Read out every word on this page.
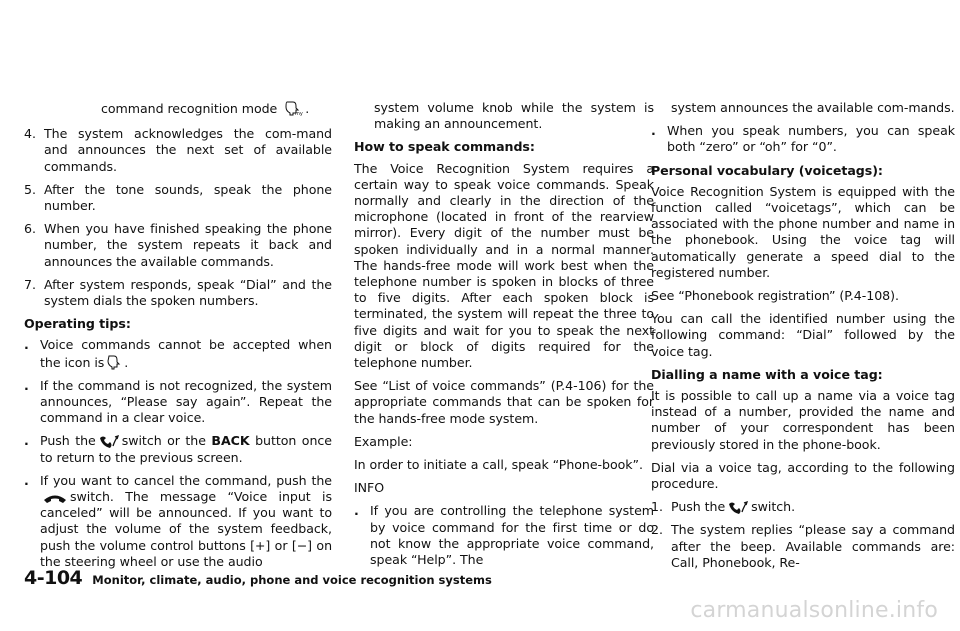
command recognition mode	my .

4. The system acknowledges the com-mand and announces the next set of available commands.
5. After the tone sounds, speak the phone number.
6. When you have finished speaking the phone number, the system repeats it back and announces the available commands.
7. After system responds, speak “Dial” and the system dials the spoken numbers.

Operating tips:

. Voice commands cannot be accepted when the icon is .
. If the command is not recognized, the system announces, “Please say again”. Repeat the command in a clear voice.
. Push the switch or the BACK button once to return to the previous screen.
. If you want to cancel the command, push theswitch. The message “Voice input is canceled” will be announced. If you want to adjust the volume of the system feedback, push the volume control buttons [+] or [−] on the steering wheel or use the audio

system volume knob while the system is making an announcement.

How to speak commands:

The Voice Recognition System requires a certain way to speak voice commands. Speak normally and clearly in the direction of the microphone (located in front of the rearview mirror). Every digit of the number must be spoken individually and in a normal manner. The hands-free mode will work best when the telephone number is spoken in blocks of three to five digits. After each spoken block is terminated, the system will repeat the three to five digits and wait for you to speak the next digit or block of digits required for the telephone number.

See “List of voice commands” (P.4-106) for the appropriate commands that can be spoken for the hands-free mode system.

Example:

In order to initiate a call, speak “Phone-book”.

INFO

. If you are controlling the telephone system by voice command for the first time or do not know the appropriate voice command, speak “Help”. The

system announces the available com-mands.

. When you speak numbers, you can speak both “zero” or “oh” for “0”.

Personal vocabulary (voicetags):

Voice Recognition System is equipped with the function called “voicetags”, which can be associated with the phone number and name in the phonebook. Using the voice tag will automatically generate a speed dial to the registered number.

See “Phonebook registration” (P.4-108).

You can call the identified number using the following command: “Dial” followed by the voice tag.

Dialling a name with a voice tag:

It is possible to call up a name via a voice tag instead of a number, provided the name and number of your correspondent has been previously stored in the phone-book.

Dial via a voice tag, according to the following procedure.

1. Push the switch.
2. The system replies “please say a command after the beep. Available commands are: Call, Phonebook, Re-
4-104 Monitor, climate, audio, phone and voice recognition systems
carmanualsonline.info
